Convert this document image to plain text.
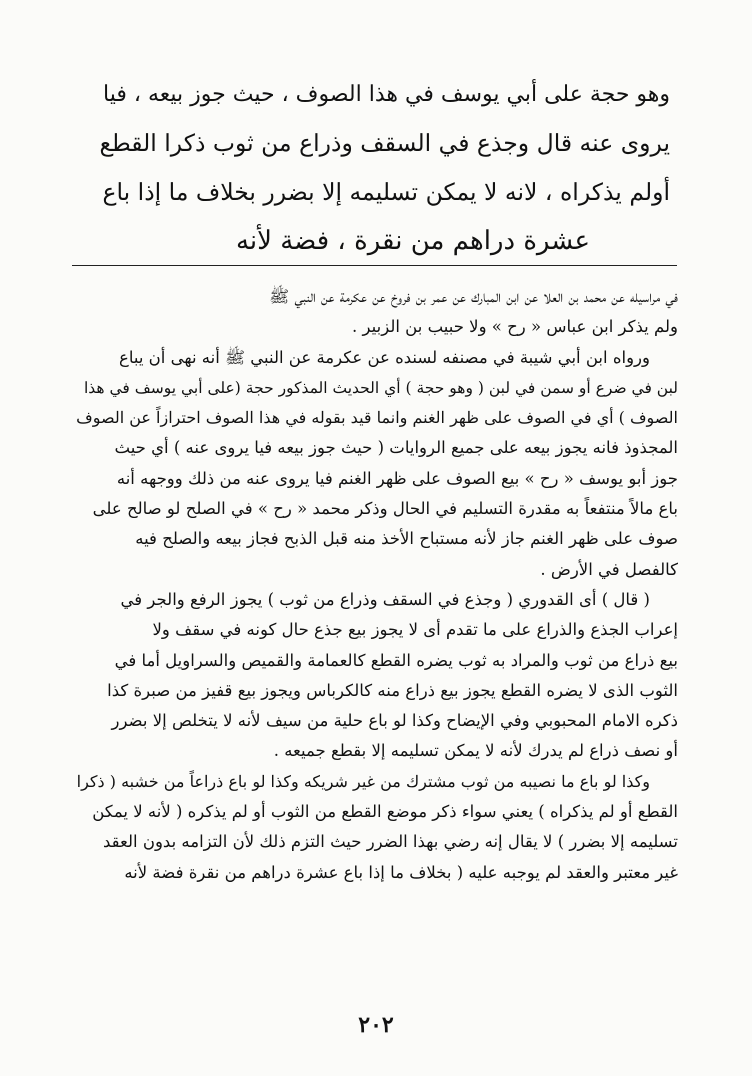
وهو حجة على أبي يوسف في هذا الصوف ، حيث جوز بيعه ، فيا
يروى عنه قال وجذع في السقف وذراع من ثوب ذكرا القطع
أولم يذكراه ، لانه لا يمكن تسليمه إلا بضرر بخلاف ما إذا باع
عشرة دراهم من نقرة ، فضة لأنه
في مراسيله عن محمد بن العلا عن ابن المبارك عن عمر بن فروخ عن عكرمة عن النبي ﷺ
ولم يذكر ابن عباس « رح » ولا حبيب بن الزبير .
ورواه ابن أبي شيبة في مصنفه لسنده عن عكرمة عن النبي ﷺ أنه نهى أن يباع
لبن في ضرع أو سمن في لبن ( وهو حجة ) أي الحديث المذكور حجة (على أبي يوسف في هذا
الصوف ) أي في الصوف على ظهر الغنم وانما قيد بقوله في هذا الصوف احترازاً عن الصوف
المجذوذ فانه يجوز بيعه على جميع الروايات ( حيث جوز بيعه فيا يروى عنه ) أي حيث
جوز أبو يوسف « رح » بيع الصوف على ظهر الغنم فيا يروى عنه من ذلك ووجهه أنه
باع مالاً منتفعاً به مقدرة التسليم في الحال وذكر محمد « رح » في الصلح لو صالح على
صوف على ظهر الغنم جاز لأنه مستباح الأخذ منه قبل الذبح فجاز بيعه والصلح فيه
كالفصل في الأرض .
( قال ) أى القدوري ( وجذع في السقف وذراع من ثوب ) يجوز الرفع والجر في
إعراب الجذع والذراع على ما تقدم أى لا يجوز بيع جذع حال كونه في سقف ولا
بيع ذراع من ثوب والمراد به ثوب يضره القطع كالعمامة والقميص والسراويل أما في
الثوب الذى لا يضره القطع يجوز بيع ذراع منه كالكرباس ويجوز بيع قفيز من صبرة كذا
ذكره الامام المحبوبي وفي الإيضاح وكذا لو باع حلية من سيف لأنه لا يتخلص إلا بضرر
أو نصف ذراع لم يدرك لأنه لا يمكن تسليمه إلا بقطع جميعه .
وكذا لو باع ما نصيبه من ثوب مشترك من غير شريكه وكذا لو باع ذراعاً من خشبه ( ذكرا
القطع أو لم يذكراه ) يعني سواء ذكر موضع القطع من الثوب أو لم يذكره ( لأنه لا يمكن
تسليمه إلا بضرر ) لا يقال إنه رضي بهذا الضرر حيث التزم ذلك لأن التزامه بدون العقد
غير معتبر والعقد لم يوجبه عليه ( بخلاف ما إذا باع عشرة دراهم من نقرة فضة لأنه
٢٠٢
